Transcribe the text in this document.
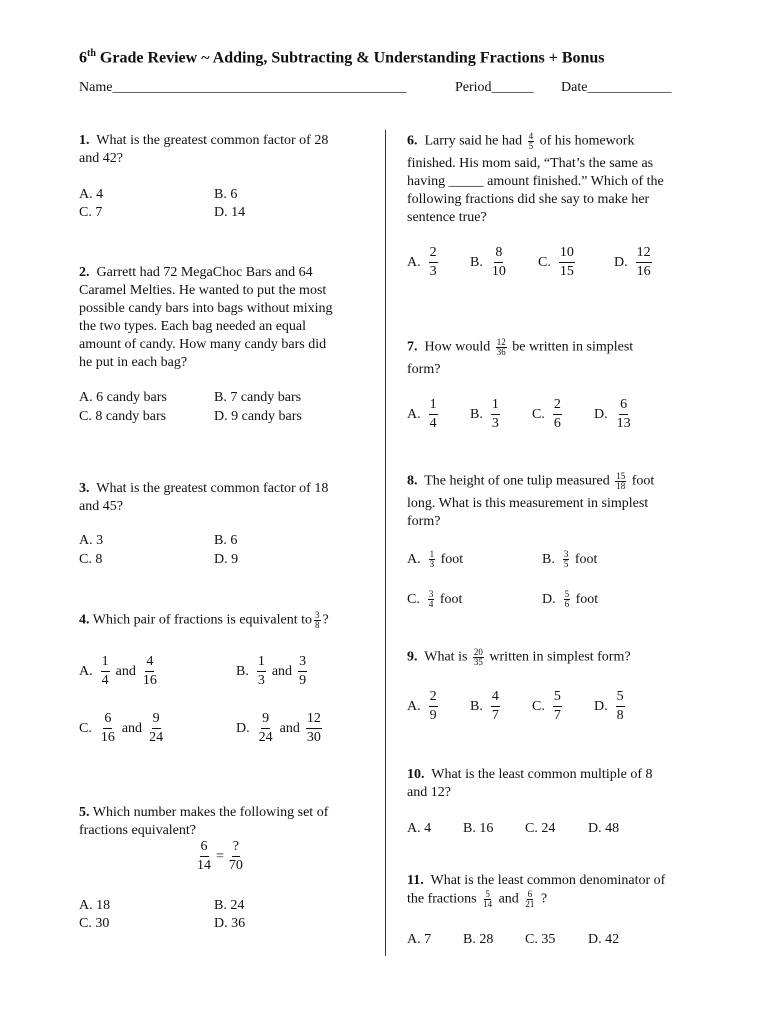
6th Grade Review ~ Adding, Subtracting & Understanding Fractions + Bonus
Name__________________________________________	Period______ Date____________
1. What is the greatest common factor of 28
and 42?
A. 4	B. 6
C. 7	D. 14
2. Garrett had 72 MegaChoc Bars and 64
Caramel Melties. He wanted to put the most
possible candy bars into bags without mixing
the two types. Each bag needed an equal
amount of candy. How many candy bars did
he put in each bag?
A. 6 candy bars	B. 7 candy bars
C. 8 candy bars	D. 9 candy bars
3. What is the greatest common factor of 18
and 45?
A. 3	B. 6
C. 8	D. 9
4. Which pair of fractions is equivalent to $\frac{3}{8}$ ?
A. $\frac{1}{4}$ and $\frac{4}{16}$	B. $\frac{1}{3}$ and $\frac{3}{9}$
C. $\frac{6}{16}$ and $\frac{9}{24}$	D. $\frac{9}{24}$ and $\frac{12}{30}$
5. Which number makes the following set of
fractions equivalent?
$\frac{6}{14} = \frac{?}{70}$
A. 18	B. 24
C. 30	D. 36
6. Larry said he had $\frac{4}{5}$ of his homework
finished. His mom said, “That’s the same as
having _____ amount finished.” Which of the
following fractions did she say to make her
sentence true?
A. $\frac{2}{3} B$. $\frac{8}{10} C$. $\frac{10}{15}$	D. $\frac{12}{16}$
7. How would $\frac{12}{36}$ be written in simplest
form?
A. $\frac{1}{4} B$. $\frac{1}{3} C$. $\frac{2}{6} D$. $\frac{6}{13}$
8. The height of one tulip measured $\frac{15}{18}$ foot
long. What is this measurement in simplest
form?
A. $\frac{1}{3}$
foot	B. $\frac{3}{5}$
foot
C. $\frac{3}{4}$
foot	D. $\frac{5}{6}$
foot
9. What is $\frac{20}{35}$ written in simplest form?
A. $\frac{2}{9} B$. $\frac{4}{7} C$. $\frac{5}{7} D$. $\frac{5}{8}$
10. What is the least common multiple of 8
and 12?
A. 4 B. 16 C. 24 D. 48
11. What is the least common denominator of
the fractions $\frac{5}{14}$ and $\frac{6}{21}$ ?
A. 7 B. 28 C. 35 D. 42
